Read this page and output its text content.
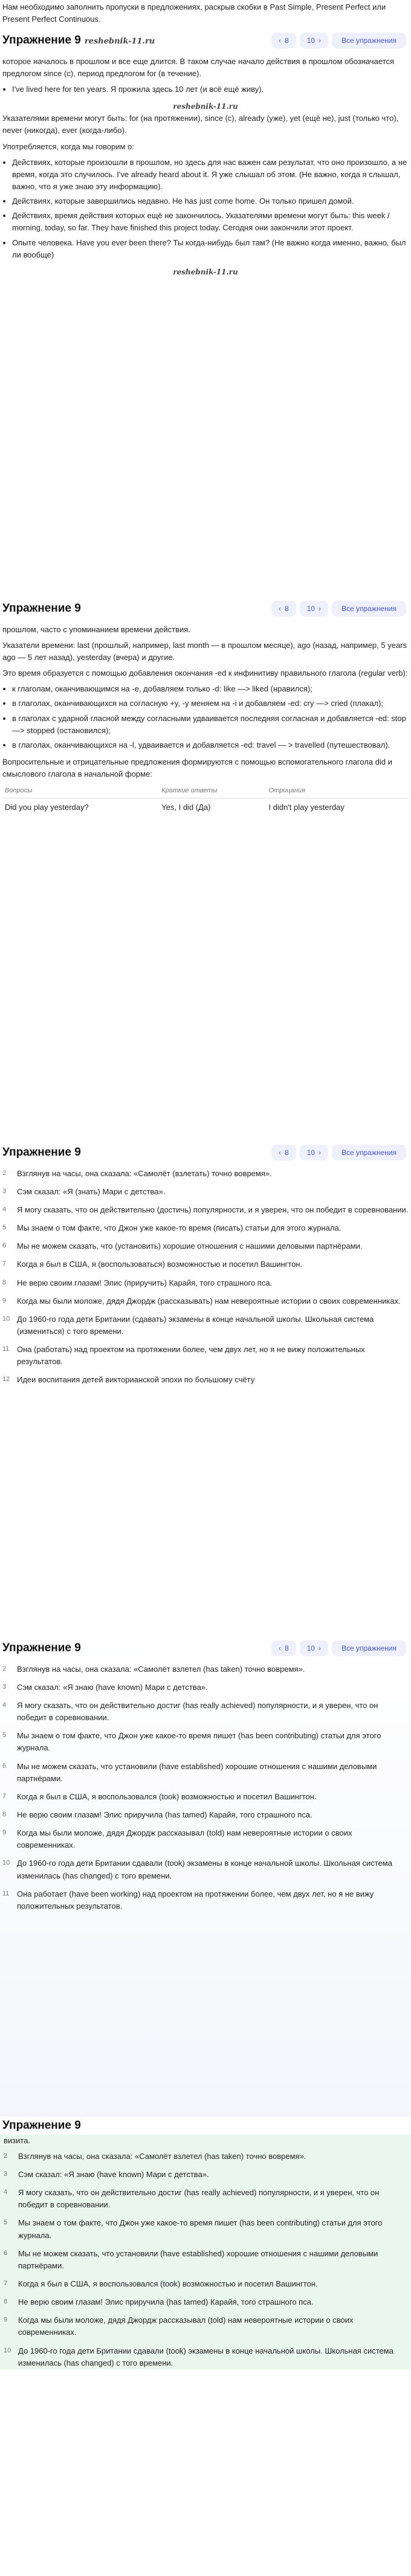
Нам необходимо заполнить пропуски в предложениях, раскрыв скобки в Past Simple, Present Perfect или Present Perfect Continuous.

Упражнение 9 reshebnik-11.ru	‹ 8	10 ›	Все упражнения

которое началось в прошлом и все еще длится. В таком случае начало действия в прошлом обозначается предлогом since (с), период предлогом for (в течение).

• I've lived here for ten years. Я прожила здесь 10 лет (и всё ещё живу).
reshebnik-11.ru

Указателями времени могут быть: for (на протяжении), since (с), already (уже), yet (ещё не), just (только что), never (никогда), ever (когда-либо).

Употребляется, когда мы говорим о:

• Действиях, которые произошли в прошлом, но здесь для нас важен сам результат, что оно произошло, а не время, когда это случилось. I've already heard about it. Я уже слышал об этом. (Не важно, когда я слышал, важно, что я уже знаю эту информацию).
• Действиях, которые завершились недавно. He has just come home. Он только пришел домой.
• Действиях, время действия которых ещё не закончилось. Указателями времени могут быть: this week / morning, today, so far. They have finished this project today. Сегодня они закончили этот проект.
• Опыте человека. Have you ever been there? Ты когда-нибудь был там? (Не важно когда именно, важно, был ли вообще)
reshebnik-11.ru
Упражнение 9	‹ 8	10 ›	Все упражнения

прошлом, часто с упоминанием времени действия.

Указатели времени: last (прошлый, например, last month — в прошлом месяце), ago (назад, например, 5 years ago — 5 лет назад), yesterday (вчера) и другие.

Это время образуется с помощью добавления окончания -ed к инфинитиву правильного глагола (regular verb):

• к глаголам, оканчивающимся на -e, добавляем только -d: like —> liked (нравился);
• в глаголах, оканчивающихся на согласную +y, -y меняем на -i и добавляем -ed: cry —> cried (плакал);
• в глаголах с ударной гласной между согласными удваивается последняя согласная и добавляется -ed: stop —> stopped (остановился);
• в глаголах, оканчивающихся на -l, удваивается и добавляется -ed: travel — > travelled (путешествовал).

Вопросительные и отрицательные предложения формируются с помощью вспомогательного глагола did и смыслового глагола в начальной форме:

Вопросы	Краткие ответы	Отрицания
Did you play yesterday?	Yes, I did (Да)	I didn't play yesterday
Упражнение 9	‹ 8	10 ›	Все упражнения
2	Взглянув на часы, она сказала: «Самолёт (взлетать) точно вовремя».
3	Сэм сказал: «Я (знать) Мари с детства».
4	Я могу сказать, что он действительно (достичь) популярности, и я уверен, что он победит в соревновании.
5	Мы знаем о том факте, что Джон уже какое-то время (писать) статьи для этого журнала.
6	Мы не можем сказать, что (установить) хорошие отношения с нашими деловыми партнёрами.
7	Когда я был в США, я (воспользоваться) возможностью и посетил Вашингтон.
8	Не верю своим глазам! Элис (приручить) Карайя, того страшного пса.
9	Когда мы были моложе, дядя Джордж (рассказывать) нам невероятные истории о своих современниках.
10 До 1960-го года дети Британии (сдавать) экзамены в конце начальной школы. Школьная система (измениться) с того времени.
11 Она (работать) над проектом на протяжении более, чем двух лет, но я не вижу положительных результатов.
12 Идеи воспитания детей викторианской эпохи по большому счёту
Упражнение 9	‹ 8	10 ›	Все упражнения
2	Взглянув на часы, она сказала: «Самолёт взлетел (has taken) точно вовремя».
3	Сэм сказал: «Я знаю (have known) Мари с детства».
4	Я могу сказать, что он действительно достиг (has really achieved) популярности, и я уверен, что он победит в соревновании.
5	Мы знаем о том факте, что Джон уже какое-то время пишет (has been contributing) статьи для этого журнала.
6	Мы не можем сказать, что установили (have established) хорошие отношения с нашими деловыми партнёрами.
7	Когда я был в США, я воспользовался (took) возможностью и посетил Вашингтон.
8	Не верю своим глазам! Элис приручила (has tamed) Карайя, того страшного пса.
9	Когда мы были моложе, дядя Джордж рассказывал (told) нам невероятные истории о своих современниках.
10 До 1960-го года дети Британии сдавали (took) экзамены в конце начальной школы. Школьная система изменилась (has changed) с того времени.
11 Она работает (have been working) над проектом на протяжении более, чем двух лет, но я не вижу положительных результатов.
Упражнение 9

визита.

2	Взглянув на часы, она сказала: «Самолёт взлетел (has taken) точно вовремя».
3	Сэм сказал: «Я знаю (have known) Мари с детства».
4	Я могу сказать, что он действительно достиг (has really achieved) популярности, и я уверен, что он победит в соревновании.
5	Мы знаем о том факте, что Джон уже какое-то время пишет (has been contributing) статьи для этого журнала.
6	Мы не можем сказать, что установили (have established) хорошие отношения с нашими деловыми партнёрами.
7	Когда я был в США, я воспользовался (took) возможностью и посетил Вашингтон.
8	Не верю своим глазам! Элис приручила (has tamed) Карайя, того страшного пса.
9	Когда мы были моложе, дядя Джордж рассказывал (told) нам невероятные истории о своих современниках.
10 До 1960-го года дети Британии сдавали (took) экзамены в конце начальной школы. Школьная система изменилась (has changed) с того времени.
